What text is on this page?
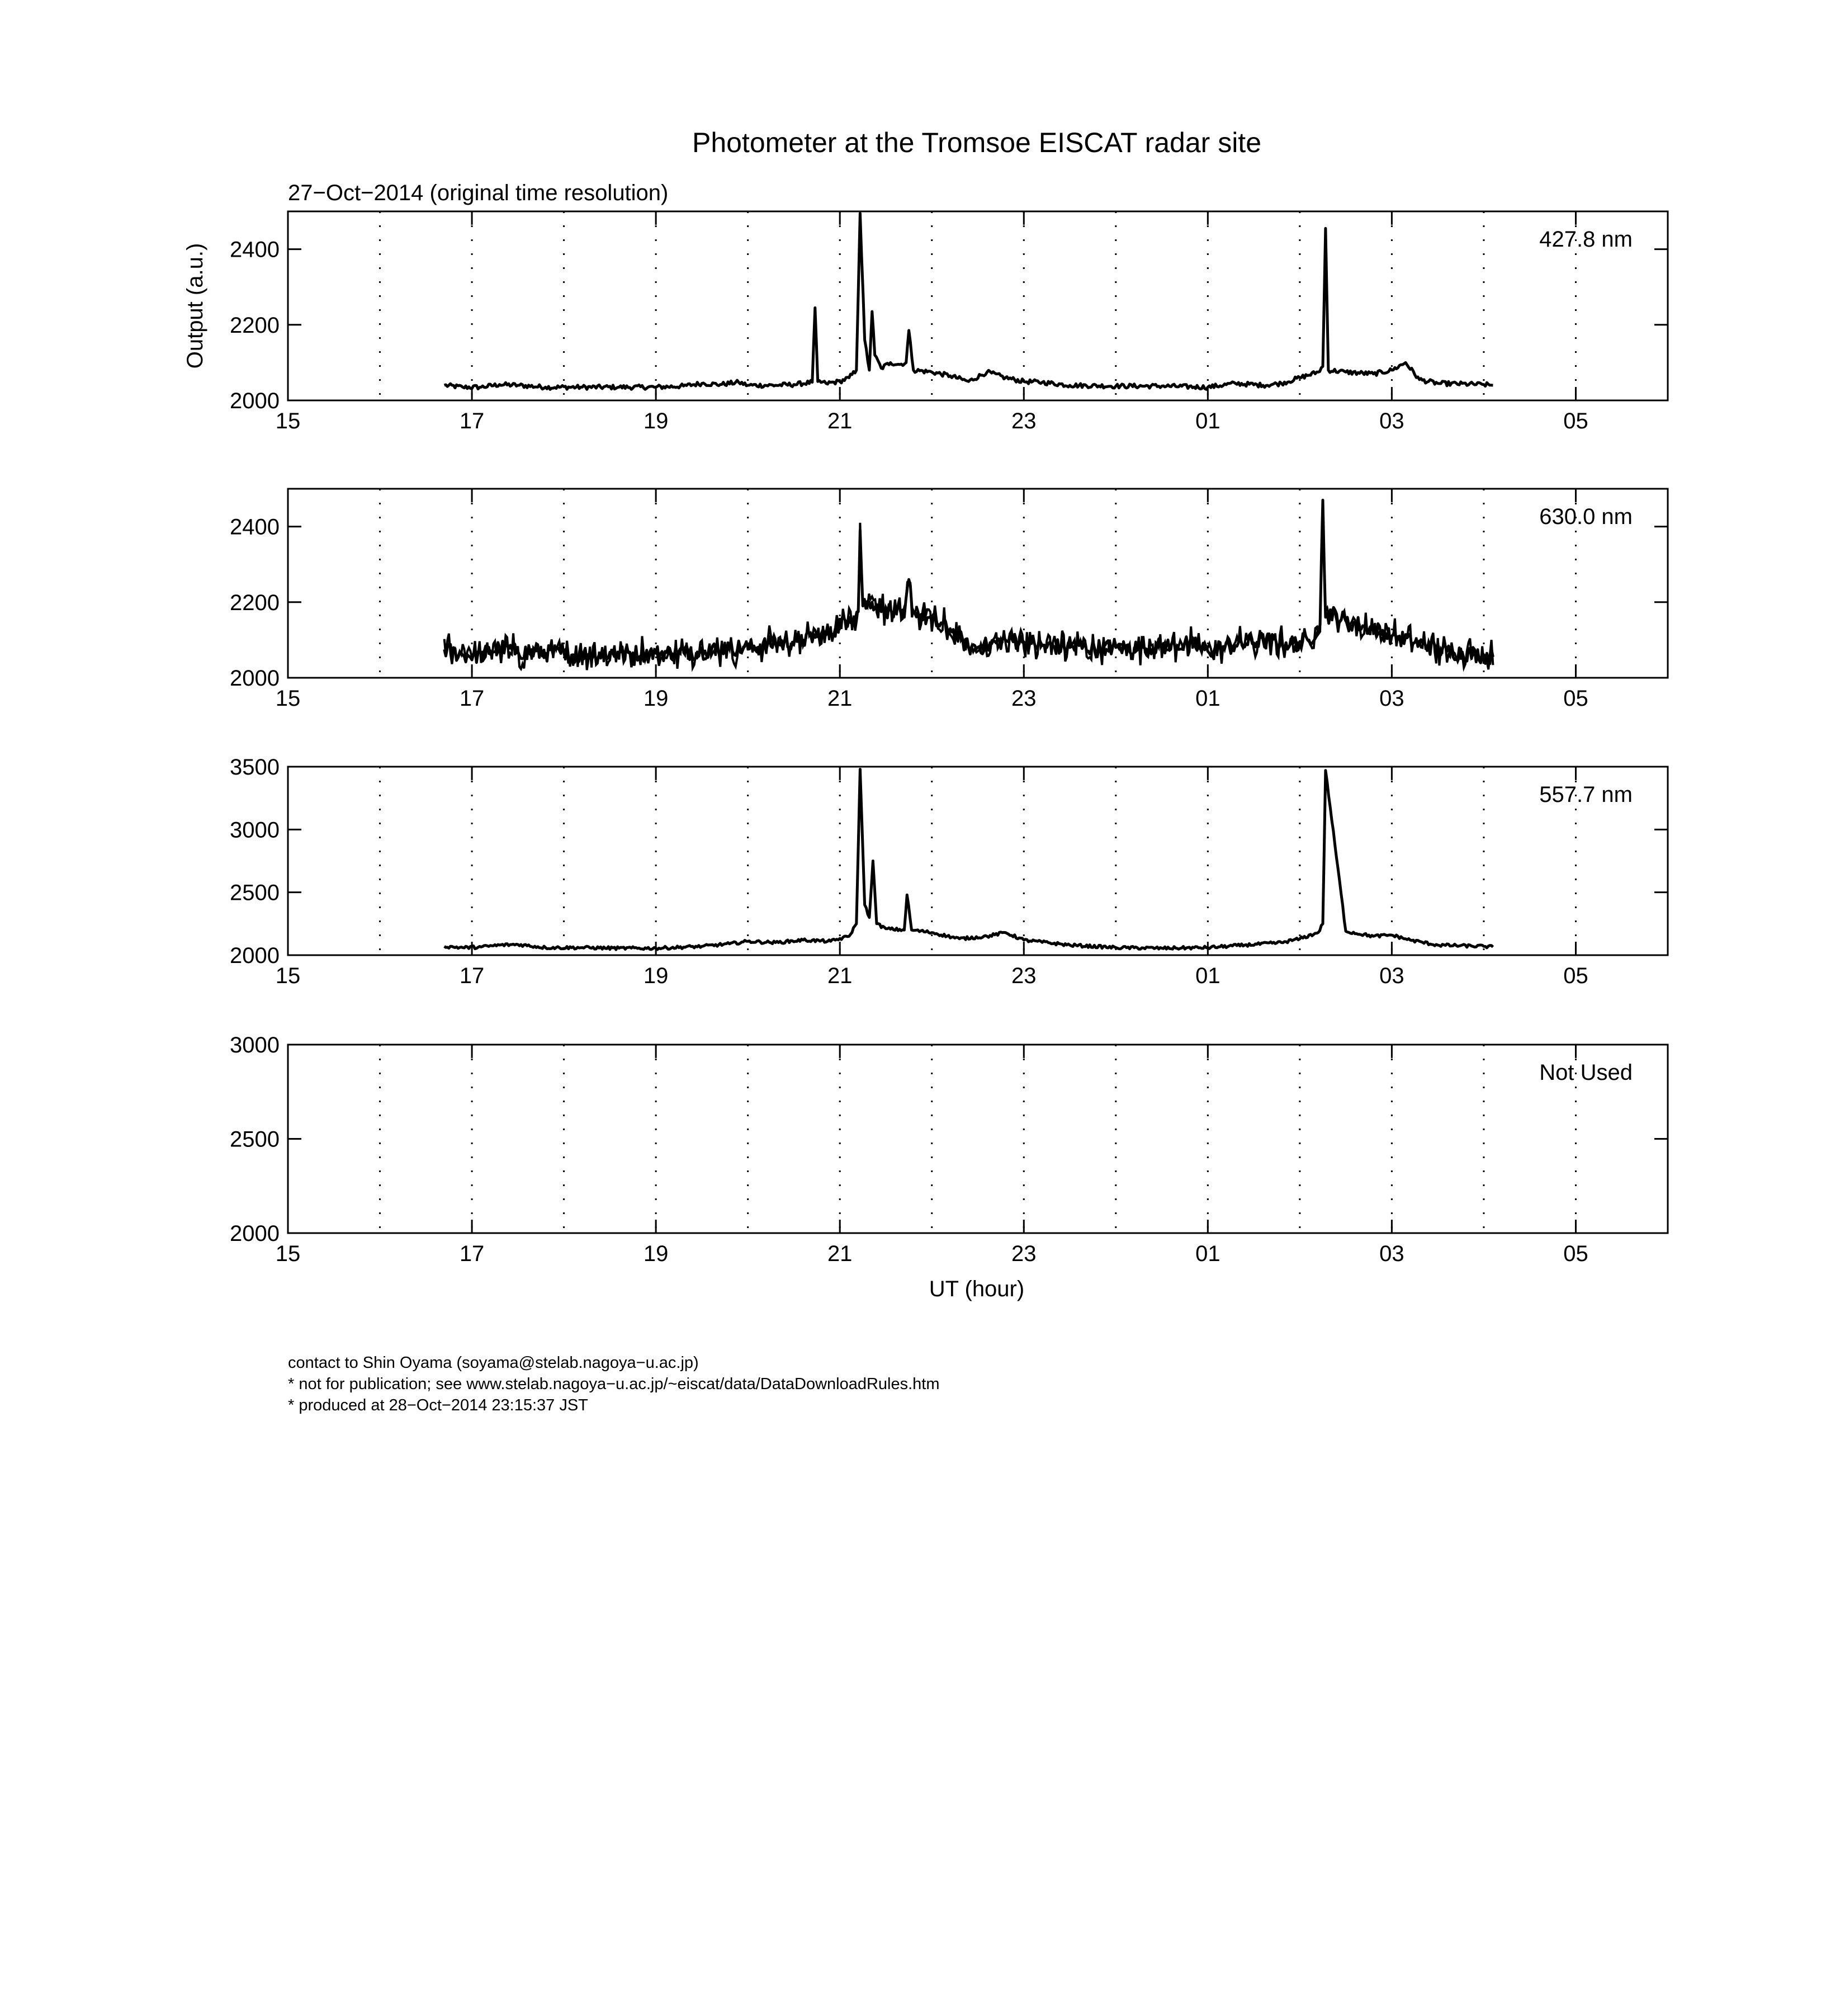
Photometer at the Tromsoe EISCAT radar site
27−Oct−2014 (original time resolution)
Output (a.u.)
UT (hour)
15	17	19	21	23	01	03	05
2000
2200
2400	427.8 nm
15	17	19	21	23	01	03	05
2000
2200
2400	630.0 nm
15	17	19	21	23	01	03	05
2000
2500
3000
3500
557.7 nm
15	17	19	21	23	01	03	05
2000
2500
3000
Not Used
contact to Shin Oyama (soyama@stelab.nagoya−u.ac.jp)
* not for publication; see www.stelab.nagoya−u.ac.jp/~eiscat/data/DataDownloadRules.htm
* produced at 28−Oct−2014 23:15:37 JST
